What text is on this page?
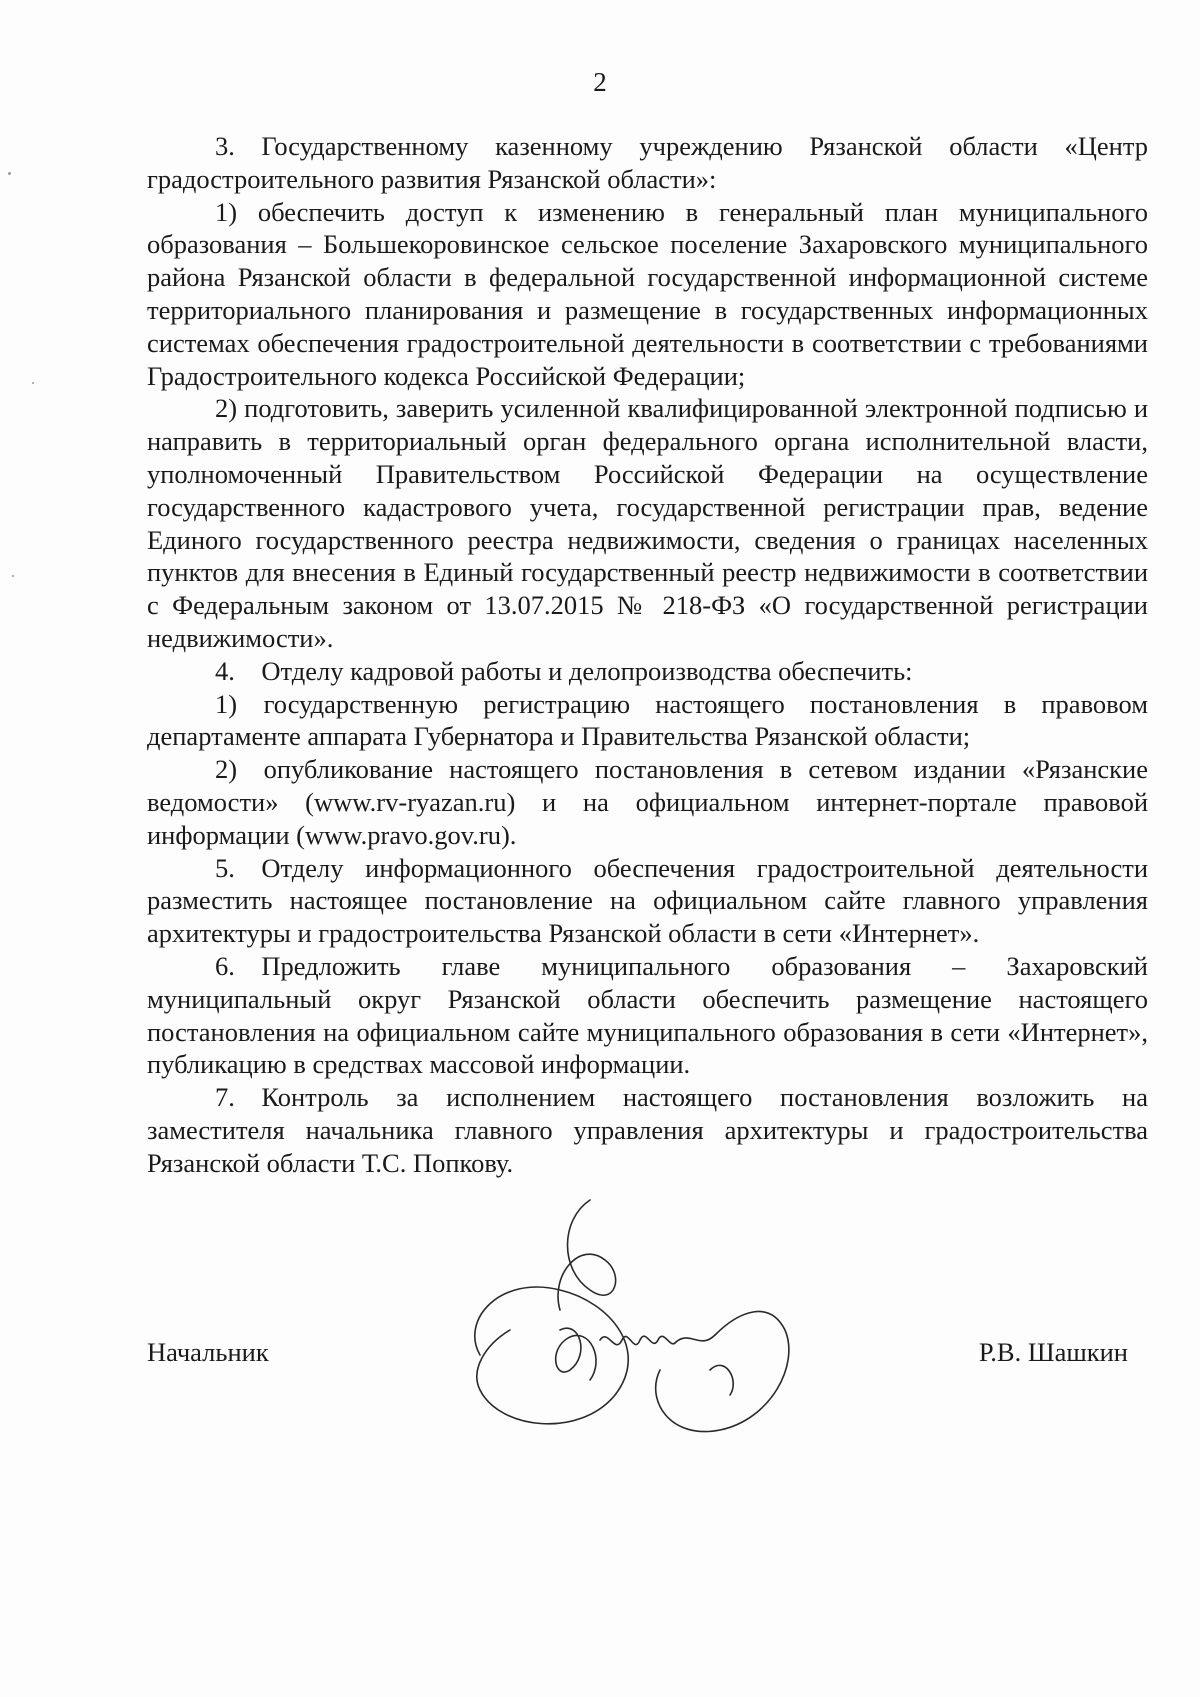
2

3. Государственному казенному учреждению Рязанской области «Центр градостроительного развития Рязанской области»:

1) обеспечить доступ к изменению в генеральный план муниципального образования – Большекоровинское сельское поселение Захаровского муниципального района Рязанской области в федеральной государственной информационной системе территориального планирования и размещение в государственных информационных системах обеспечения градостроительной деятельности в соответствии с требованиями Градостроительного кодекса Российской Федерации;

2) подготовить, заверить усиленной квалифицированной электронной подписью и направить в территориальный орган федерального органа исполнительной власти, уполномоченный Правительством Российской Федерации на осуществление государственного кадастрового учета, государственной регистрации прав, ведение Единого государственного реестра недвижимости, сведения о границах населенных пунктов для внесения в Единый государственный реестр недвижимости в соответствии с Федеральным законом от 13.07.2015 № 218-ФЗ «О государственной регистрации недвижимости».

4. Отделу кадровой работы и делопроизводства обеспечить:

1) государственную регистрацию настоящего постановления в правовом департаменте аппарата Губернатора и Правительства Рязанской области;

2) опубликование настоящего постановления в сетевом издании «Рязанские ведомости» (www.rv-ryazan.ru) и на официальном интернет-портале правовой информации (www.pravo.gov.ru).

5. Отделу информационного обеспечения градостроительной деятельности разместить настоящее постановление на официальном сайте главного управления архитектуры и градостроительства Рязанской области в сети «Интернет».

6. Предложить главе муниципального образования – Захаровский муниципальный округ Рязанской области обеспечить размещение настоящего постановления на официальном сайте муниципального образования в сети «Интернет», публикацию в средствах массовой информации.

7. Контроль за исполнением настоящего постановления возложить на заместителя начальника главного управления архитектуры и градостроительства Рязанской области Т.С. Попкову.

Начальник	Р.В. Шашкин
